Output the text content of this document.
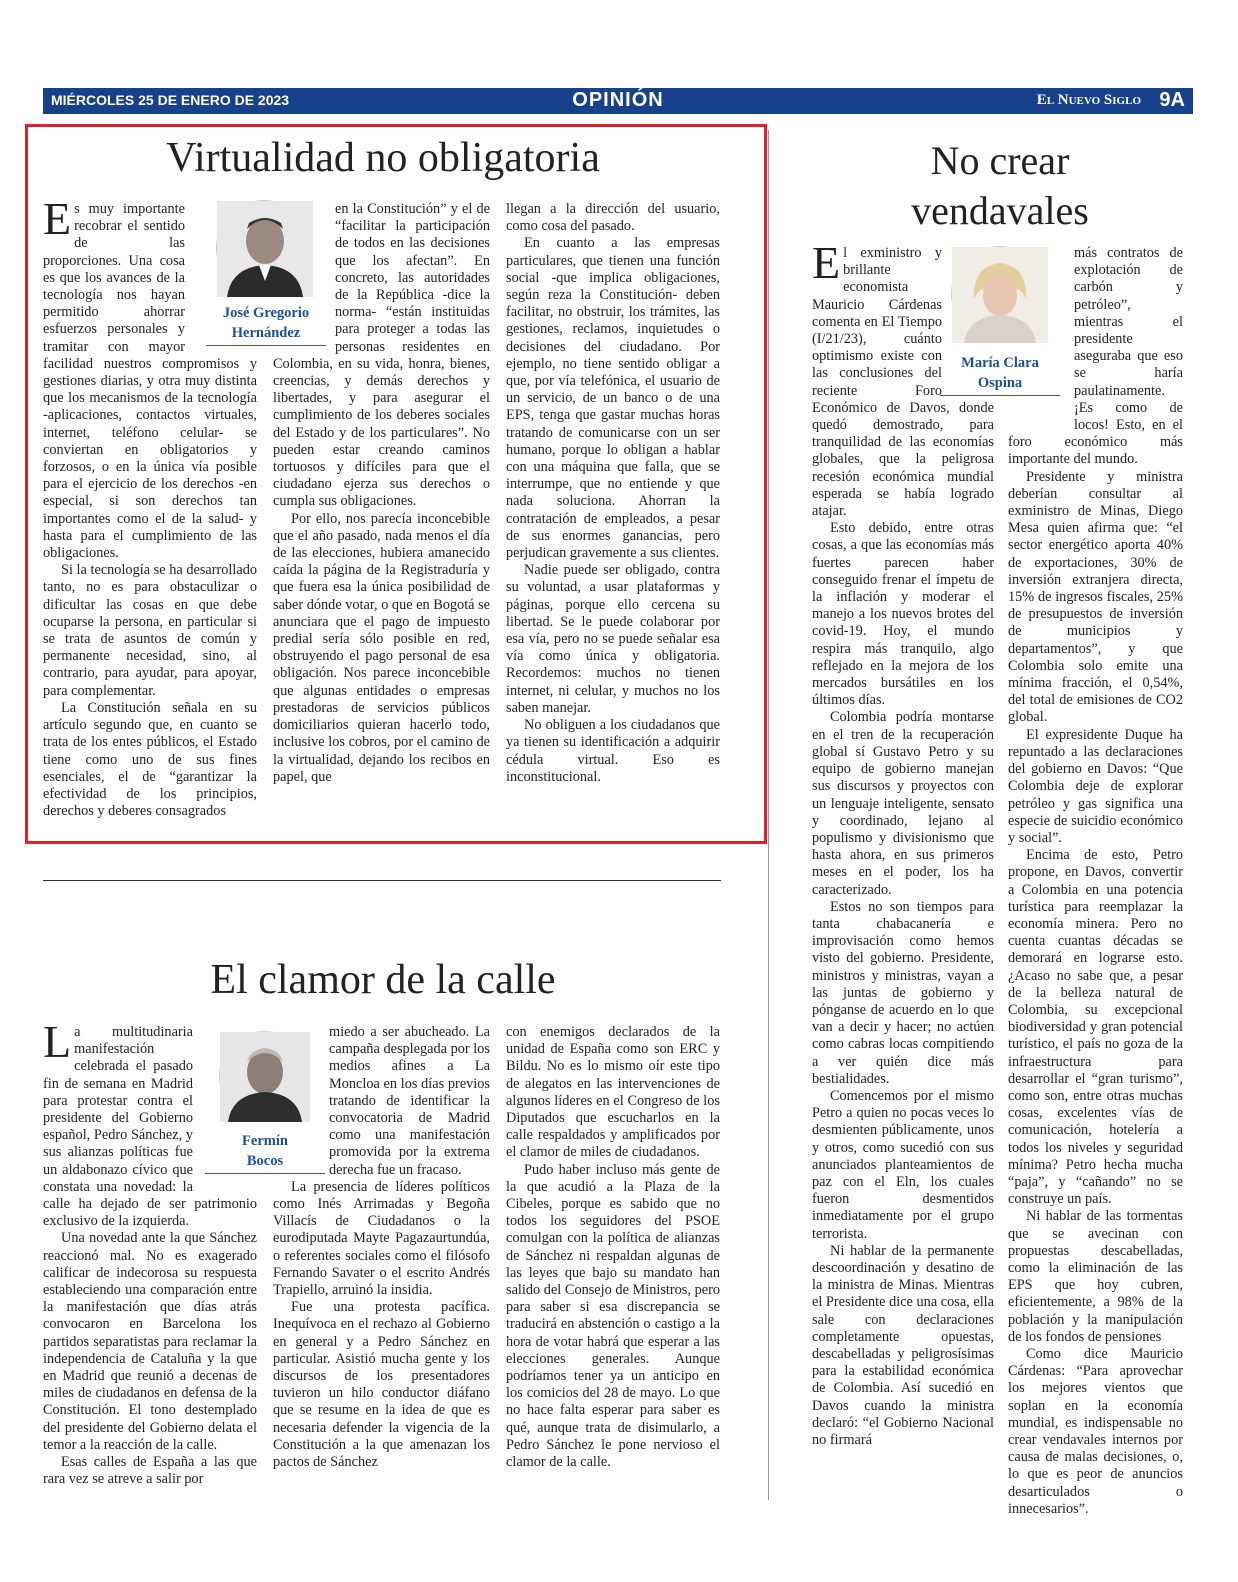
MIÉRCOLES 25 DE ENERO DE 2023	OPINIÓN	El Nuevo Siglo 9A
Virtualidad no obligatoria
José Gregorio
Hernández

Es muy importante recobrar el sentido de las proporciones. Una cosa es que los avances de la tecnología nos hayan permitido ahorrar esfuerzos personales y tramitar con mayor facilidad nuestros compromisos y gestiones diarias, y otra muy distinta que los mecanismos de la tecnología -aplicaciones, contactos virtuales, internet, teléfono celular- se conviertan en obligatorios y forzosos, o en la única vía posible para el ejercicio de los derechos -en especial, si son derechos tan importantes como el de la salud- y hasta para el cumplimiento de las obligaciones.

Si la tecnología se ha desarrollado tanto, no es para obstaculizar o dificultar las cosas en que debe ocuparse la persona, en particular si se trata de asuntos de común y permanente necesidad, sino, al contrario, para ayudar, para apoyar, para complementar.

La Constitución señala en su artículo segundo que, en cuanto se trata de los entes públicos, el Estado tiene como uno de sus fines esenciales, el de “garantizar la efectividad de los principios, derechos y deberes consagrados

en la Constitución” y el de “facilitar la participación de todos en las decisiones que los afectan”. En concreto, las autoridades de la República -dice la norma- “están instituidas para proteger a todas las personas residentes en Colombia, en su vida, honra, bienes, creencias, y demás derechos y libertades, y para asegurar el cumplimiento de los deberes sociales del Estado y de los particulares”. No pueden estar creando caminos tortuosos y difíciles para que el ciudadano ejerza sus derechos o cumpla sus obligaciones.

Por ello, nos parecía inconcebible que el año pasado, nada menos el día de las elecciones, hubiera amanecido caída la página de la Registraduría y que fuera esa la única posibilidad de saber dónde votar, o que en Bogotá se anunciara que el pago de impuesto predial sería sólo posible en red, obstruyendo el pago personal de esa obligación. Nos parece inconcebible que algunas entidades o empresas prestadoras de servicios públicos domiciliarios quieran hacerlo todo, inclusive los cobros, por el camino de la virtualidad, dejando los recibos en papel, que

llegan a la dirección del usuario, como cosa del pasado.

En cuanto a las empresas particulares, que tienen una función social -que implica obligaciones, según reza la Constitución- deben facilitar, no obstruir, los trámites, las gestiones, reclamos, inquietudes o decisiones del ciudadano. Por ejemplo, no tiene sentido obligar a que, por vía telefónica, el usuario de un servicio, de un banco o de una EPS, tenga que gastar muchas horas tratando de comunicarse con un ser humano, porque lo obligan a hablar con una máquina que falla, que se interrumpe, que no entiende y que nada soluciona. Ahorran la contratación de empleados, a pesar de sus enormes ganancias, pero perjudican gravemente a sus clientes.

Nadie puede ser obligado, contra su voluntad, a usar plataformas y páginas, porque ello cercena su libertad. Se le puede colaborar por esa vía, pero no se puede señalar esa vía como única y obligatoria. Recordemos: muchos no tienen internet, ni celular, y muchos no los saben manejar.

No obliguen a los ciudadanos que ya tienen su identificación a adquirir cédula virtual. Eso es inconstitucional.

El clamor de la calle
Fermín
Bocos

La multitudinaria manifestación celebrada el pasado fin de semana en Madrid para protestar contra el presidente del Gobierno español, Pedro Sánchez, y sus alianzas políticas fue un aldabonazo cívico que constata una novedad: la calle ha dejado de ser patrimonio exclusivo de la izquierda.

Una novedad ante la que Sánchez reaccionó mal. No es exagerado calificar de indecorosa su respuesta estableciendo una comparación entre la manifestación que días atrás convocaron en Barcelona los partidos separatistas para reclamar la independencia de Cataluña y la que en Madrid que reunió a decenas de miles de ciudadanos en defensa de la Constitución. El tono destemplado del presidente del Gobierno delata el temor a la reacción de la calle.

Esas calles de España a las que rara vez se atreve a salir por

miedo a ser abucheado. La campaña desplegada por los medios afines a La Moncloa en los días previos tratando de identificar la convocatoria de Madrid como una manifestación promovida por la extrema derecha fue un fracaso.

La presencia de líderes políticos como Inés Arrimadas y Begoña Villacís de Ciudadanos o la eurodiputada Mayte Pagazaurtundúa, o referentes sociales como el filósofo Fernando Savater o el escrito Andrés Trapiello, arruinó la insidia.

Fue una protesta pacífica. Inequívoca en el rechazo al Gobierno en general y a Pedro Sánchez en particular. Asistió mucha gente y los discursos de los presentadores tuvieron un hilo conductor diáfano que se resume en la idea de que es necesaria defender la vigencia de la Constitución a la que amenazan los pactos de Sánchez

con enemigos declarados de la unidad de España como son ERC y Bildu. No es lo mismo oír este tipo de alegatos en las intervenciones de algunos líderes en el Congreso de los Diputados que escucharlos en la calle respaldados y amplificados por el clamor de miles de ciudadanos.

Pudo haber incluso más gente de la que acudió a la Plaza de la Cibeles, porque es sabido que no todos los seguidores del PSOE comulgan con la política de alianzas de Sánchez ni respaldan algunas de las leyes que bajo su mandato han salido del Consejo de Ministros, pero para saber si esa discrepancia se traducirá en abstención o castigo a la hora de votar habrá que esperar a las elecciones generales. Aunque podríamos tener ya un anticipo en los comicios del 28 de mayo. Lo que no hace falta esperar para saber es qué, aunque trata de disimularlo, a Pedro Sánchez le pone nervioso el clamor de la calle.

No crear
vendavales
María Clara
Ospina

El exministro y brillante economista Mauricio Cárdenas comenta en El Tiempo (I/21/23), cuánto optimismo existe con las conclusiones del reciente Foro Económico de Davos, donde quedó demostrado, para tranquilidad de las economías globales, que la peligrosa recesión económica mundial esperada se había logrado atajar.

Esto debido, entre otras cosas, a que las economías más fuertes parecen haber conseguido frenar el ímpetu de la inflación y moderar el manejo a los nuevos brotes del covid-19. Hoy, el mundo respira más tranquilo, algo reflejado en la mejora de los mercados bursátiles en los últimos días.

Colombia podría montarse en el tren de la recuperación global sí Gustavo Petro y su equipo de gobierno manejan sus discursos y proyectos con un lenguaje inteligente, sensato y coordinado, lejano al populismo y divisionismo que hasta ahora, en sus primeros meses en el poder, los ha caracterizado.

Estos no son tiempos para tanta chabacanería e improvisación como hemos visto del gobierno. Presidente, ministros y ministras, vayan a las juntas de gobierno y pónganse de acuerdo en lo que van a decir y hacer; no actúen como cabras locas compitiendo a ver quién dice más bestialidades.

Comencemos por el mismo Petro a quien no pocas veces lo desmienten públicamente, unos y otros, como sucedió con sus anunciados planteamientos de paz con el Eln, los cuales fueron desmentidos inmediatamente por el grupo terrorista.

Ni hablar de la permanente descoordinación y desatino de la ministra de Minas. Mientras el Presidente dice una cosa, ella sale con declaraciones completamente opuestas, descabelladas y peligrosísimas para la estabilidad económica de Colombia. Así sucedió en Davos cuando la ministra declaró: “el Gobierno Nacional no firmará

más contratos de explotación de carbón y petróleo”, mientras el presidente aseguraba que eso se haría paulatinamente. ¡Es como de locos! Esto, en el foro económico más importante del mundo.

Presidente y ministra deberían consultar al exministro de Minas, Diego Mesa quien afirma que: “el sector energético aporta 40% de exportaciones, 30% de inversión extranjera directa, 15% de ingresos fiscales, 25% de presupuestos de inversión de municipios y departamentos”, y que Colombia solo emite una mínima fracción, el 0,54%, del total de emisiones de CO2 global.

El expresidente Duque ha repuntado a las declaraciones del gobierno en Davos: “Que Colombia deje de explorar petróleo y gas significa una especie de suicidio económico y social”.

Encima de esto, Petro propone, en Davos, convertir a Colombia en una potencia turística para reemplazar la economía minera. Pero no cuenta cuantas décadas se demorará en lograrse esto. ¿Acaso no sabe que, a pesar de la belleza natural de Colombia, su excepcional biodiversidad y gran potencial turístico, el país no goza de la infraestructura para desarrollar el “gran turismo”, como son, entre otras muchas cosas, excelentes vías de comunicación, hotelería a todos los niveles y seguridad mínima? Petro hecha mucha “paja”, y “cañando” no se construye un país.

Ni hablar de las tormentas que se avecinan con propuestas descabelladas, como la eliminación de las EPS que hoy cubren, eficientemente, a 98% de la población y la manipulación de los fondos de pensiones

Como dice Mauricio Cárdenas: “Para aprovechar los mejores vientos que soplan en la economía mundial, es indispensable no crear vendavales internos por causa de malas decisiones, o, lo que es peor de anuncios desarticulados o innecesarios”.
